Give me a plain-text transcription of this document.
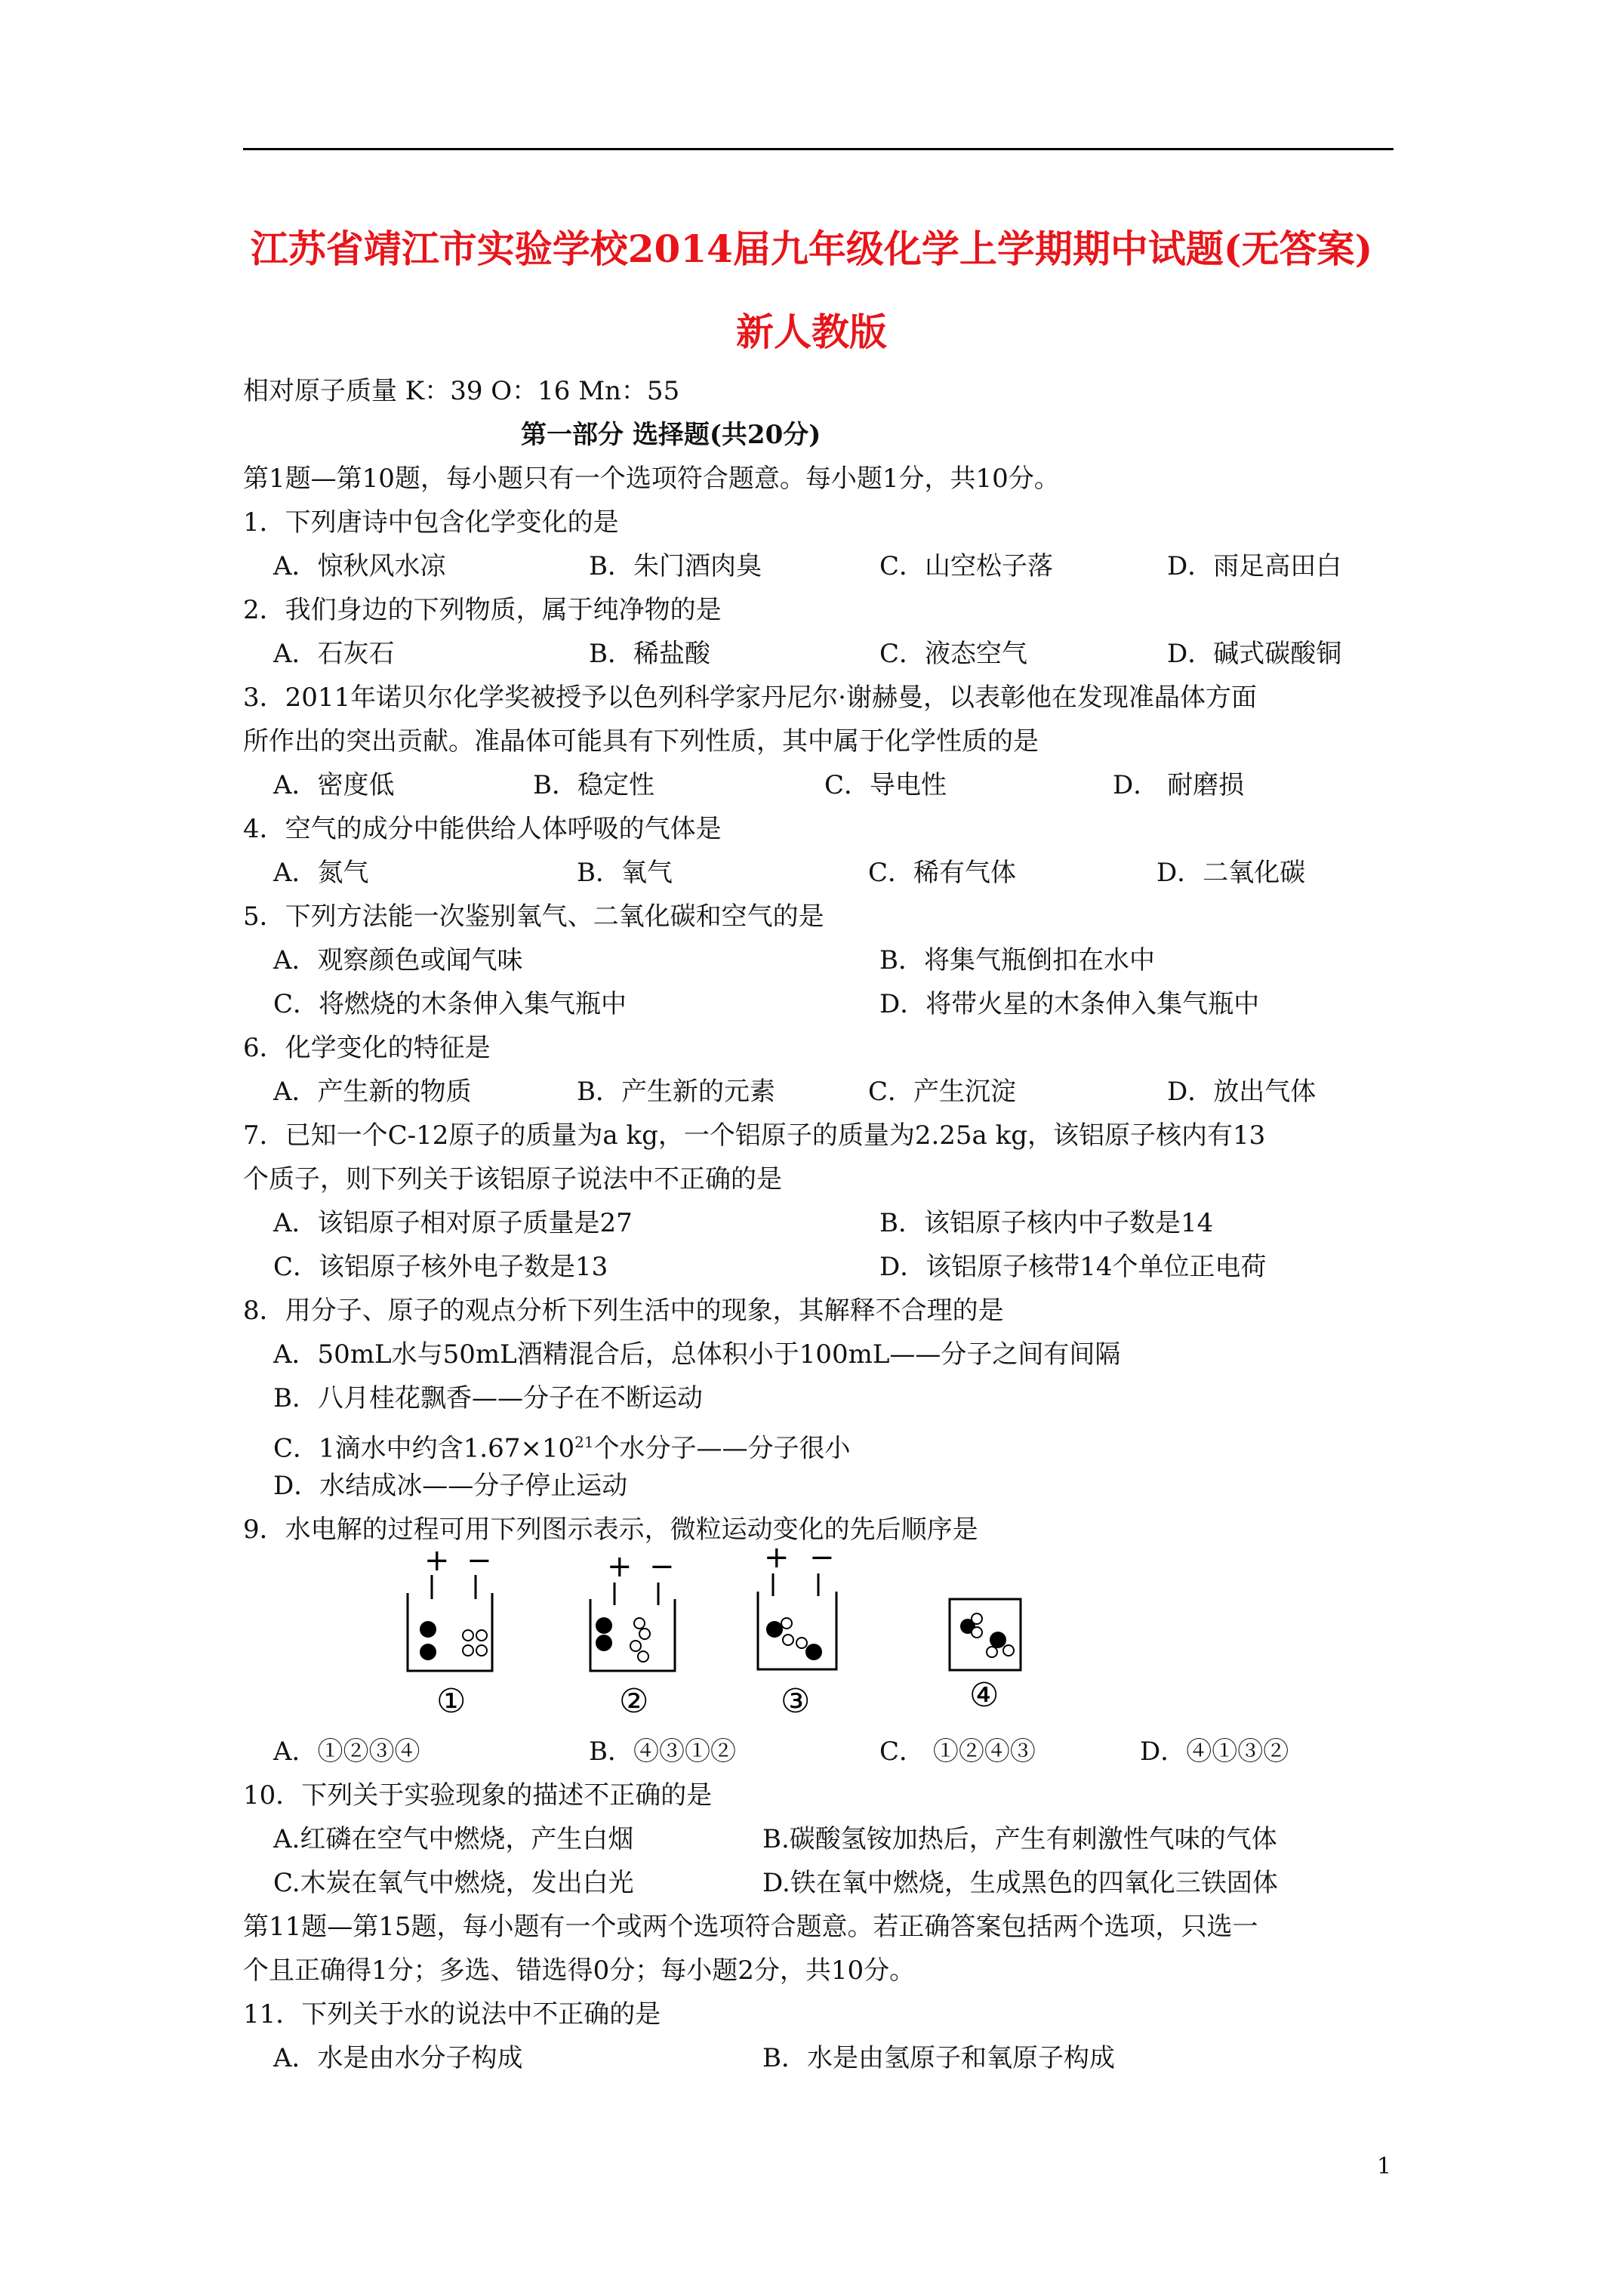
江苏省靖江市实验学校2014届九年级化学上学期期中试题(无答案)
新人教版
相对原子质量 K：39 O：16 Mn：55
第一部分 选择题(共20分)
第1题—第10题，每小题只有一个选项符合题意。每小题1分，共10分。
1．下列唐诗中包含化学变化的是
A．惊秋风水凉	B．朱门酒肉臭	C．山空松子落	D．雨足高田白
2．我们身边的下列物质，属于纯净物的是
A．石灰石	B．稀盐酸	C．液态空气	D．碱式碳酸铜
3．2011年诺贝尔化学奖被授予以色列科学家丹尼尔·谢赫曼，以表彰他在发现准晶体方面
所作出的突出贡献。准晶体可能具有下列性质，其中属于化学性质的是
A．密度低	B．稳定性	C．导电性	D． 耐磨损
4．空气的成分中能供给人体呼吸的气体是
A．氮气	B．氧气	C．稀有气体	D．二氧化碳
5．下列方法能一次鉴别氧气、二氧化碳和空气的是
A．观察颜色或闻气味	B．将集气瓶倒扣在水中
C．将燃烧的木条伸入集气瓶中	D．将带火星的木条伸入集气瓶中
6．化学变化的特征是
A．产生新的物质	B．产生新的元素	C．产生沉淀	D．放出气体
7．已知一个C-12原子的质量为a kg，一个铝原子的质量为2.25a kg，该铝原子核内有13
个质子，则下列关于该铝原子说法中不正确的是
A．该铝原子相对原子质量是27	B．该铝原子核内中子数是14
C．该铝原子核外电子数是13	D．该铝原子核带14个单位正电荷
8．用分子、原子的观点分析下列生活中的现象，其解释不合理的是
A．50mL水与50mL酒精混合后，总体积小于100mL——分子之间有间隔
B．八月桂花飘香——分子在不断运动
C．1滴水中约含$1.67\times 10^{21}$个水分子——分子很小
D．水结成冰——分子停止运动
9．水电解的过程可用下列图示表示，微粒运动变化的先后顺序是
+ −
①
+ −
②
+ −
③	④
A．①②③④	B．④③①②	C． ①②④③	D．④①③②
10．下列关于实验现象的描述不正确的是
A.红磷在空气中燃烧，产生白烟	B.碳酸氢铵加热后，产生有刺激性气味的气体
C.木炭在氧气中燃烧，发出白光	D.铁在氧中燃烧，生成黑色的四氧化三铁固体
第11题—第15题，每小题有一个或两个选项符合题意。若正确答案包括两个选项，只选一
个且正确得1分；多选、错选得0分；每小题2分，共10分。
11．下列关于水的说法中不正确的是
A．水是由水分子构成	B．水是由氢原子和氧原子构成
1
